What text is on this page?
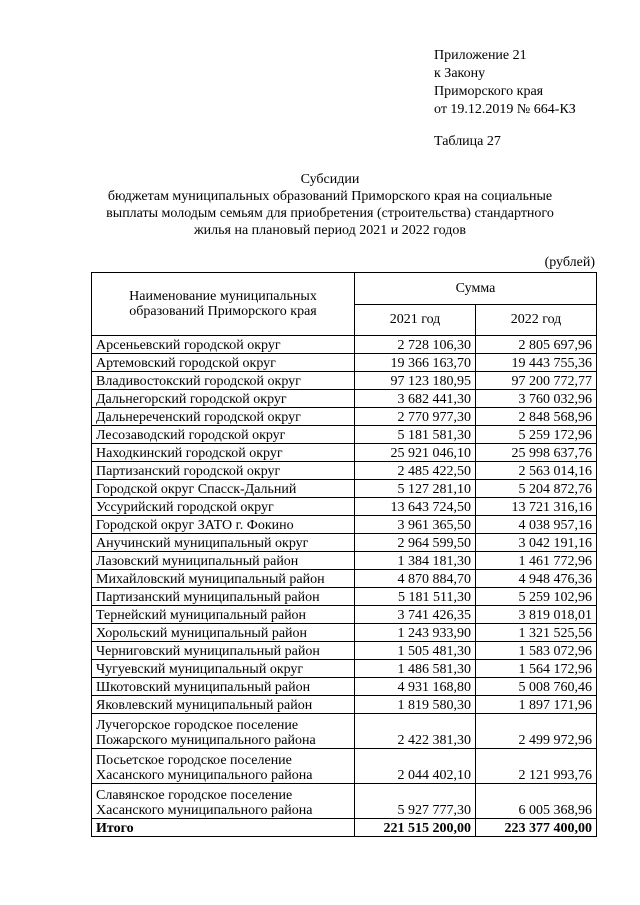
Приложение 21
к Закону
Приморского края
от 19.12.2019 № 664-КЗ
Таблица 27
Субсидии
бюджетам муниципальных образований Приморского края на социальные
выплаты молодым семьям для приобретения (строительства) стандартного
жилья на плановый период 2021 и 2022 годов
(рублей)
Наименование муниципальных
образований Приморского края	Сумма	
	2021 год	2022 год
Арсеньевский городской округ	2 728 106,30	2 805 697,96
Артемовский городской округ	19 366 163,70	19 443 755,36
Владивостокский городской округ	97 123 180,95	97 200 772,77
Дальнегорский городской округ	3 682 441,30	3 760 032,96
Дальнереченский городской округ	2 770 977,30	2 848 568,96
Лесозаводский городской округ	5 181 581,30	5 259 172,96
Находкинский городской округ	25 921 046,10	25 998 637,76
Партизанский городской округ	2 485 422,50	2 563 014,16
Городской округ Спасск-Дальний	5 127 281,10	5 204 872,76
Уссурийский городской округ	13 643 724,50	13 721 316,16
Городской округ ЗАТО г. Фокино	3 961 365,50	4 038 957,16
Анучинский муниципальный округ	2 964 599,50	3 042 191,16
Лазовский муниципальный район	1 384 181,30	1 461 772,96
Михайловский муниципальный район	4 870 884,70	4 948 476,36
Партизанский муниципальный район	5 181 511,30	5 259 102,96
Тернейский муниципальный район	3 741 426,35	3 819 018,01
Хорольский муниципальный район	1 243 933,90	1 321 525,56
Черниговский муниципальный район	1 505 481,30	1 583 072,96
Чугуевский муниципальный округ	1 486 581,30	1 564 172,96
Шкотовский муниципальный район	4 931 168,80	5 008 760,46
Яковлевский муниципальный район	1 819 580,30	1 897 171,96

Лучегорское городское поселение
Пожарского муниципального района	2 422 381,30	2 499 972,96

Посьетское городское поселение
Хасанского муниципального района	2 044 402,10	2 121 993,76

Славянское городское поселение
Хасанского муниципального района	5 927 777,30	6 005 368,96
Итого	221 515 200,00	223 377 400,00
